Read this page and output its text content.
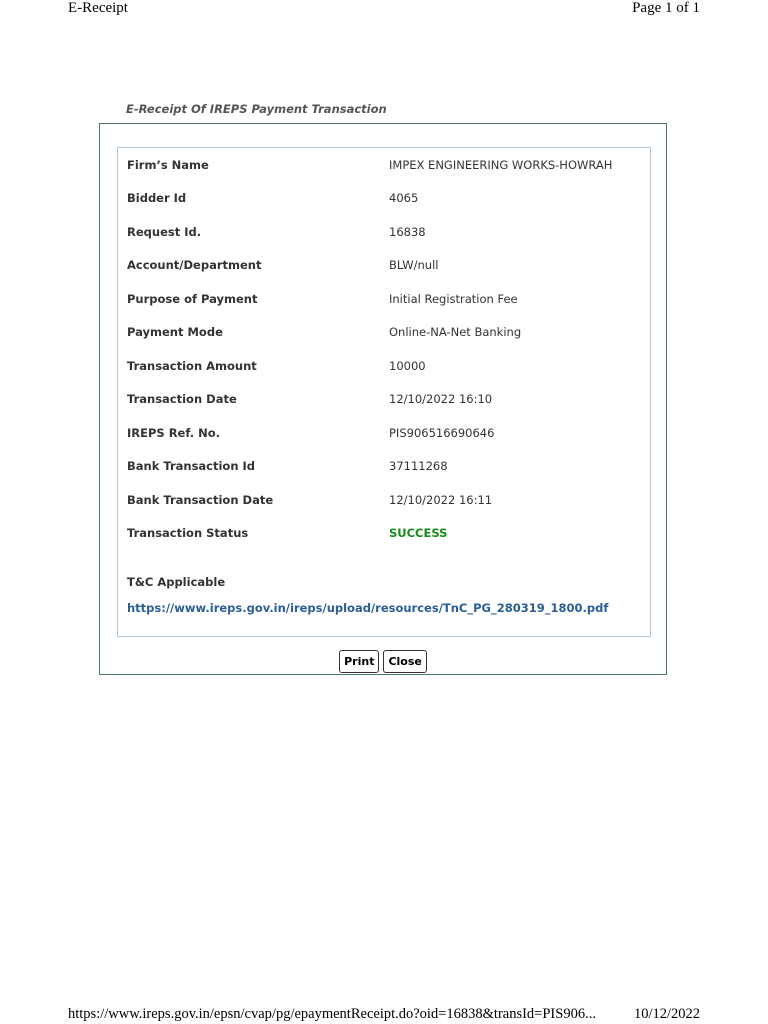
E-Receipt	Page 1 of 1
E-Receipt Of IREPS Payment Transaction
Firm’s Name	IMPEX ENGINEERING WORKS-HOWRAH
Bidder Id	4065
Request Id.	16838
Account/Department	BLW/null
Purpose of Payment	Initial Registration Fee
Payment Mode	Online-NA-Net Banking
Transaction Amount	10000
Transaction Date	12/10/2022 16:10
IREPS Ref. No.	PIS906516690646
Bank Transaction Id	37111268
Bank Transaction Date	12/10/2022 16:11
Transaction Status	SUCCESS
T&C Applicable
https://www.ireps.gov.in/ireps/upload/resources/TnC_PG_280319_1800.pdf
Print Close
https://www.ireps.gov.in/epsn/cvap/pg/epaymentReceipt.do?oid=16838&transId=PIS906...	10/12/2022
